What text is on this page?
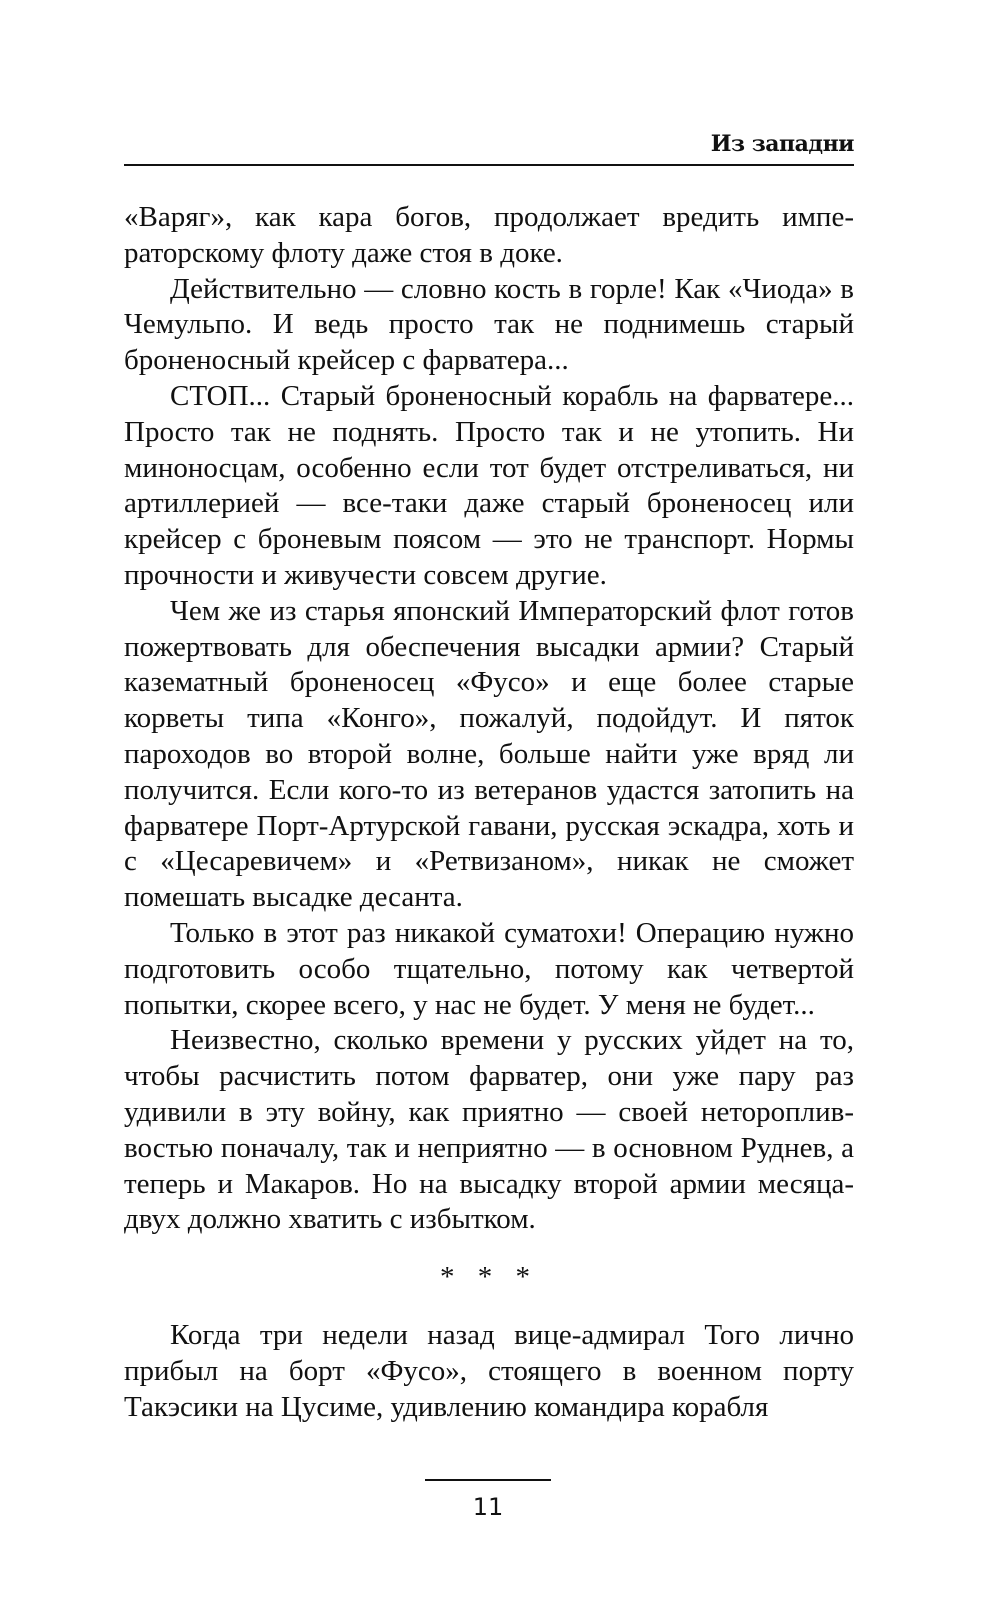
Из западни

«Варяг», как кара богов, продолжает вредить императорскому флоту даже стоя в доке.

Действительно — словно кость в горле! Как «Чиода» в Чемульпо. И ведь просто так не поднимешь старый броненосный крейсер с фарватера...

СТОП... Старый броненосный корабль на фарватере... Просто так не поднять. Просто так и не утопить. Ни миноносцам, особенно если тот будет отстреливаться, ни артиллерией — все-таки даже старый броненосец или крейсер с броневым поясом — это не транспорт. Нормы прочности и живучести совсем другие.

Чем же из старья японский Императорский флот готов пожертвовать для обеспечения высадки армии? Старый казематный броненосец «Фусо» и еще более старые корветы типа «Конго», пожалуй, подойдут. И пяток пароходов во второй волне, больше найти уже вряд ли получится. Если кого-то из ветеранов удастся затопить на фарватере Порт-Артурской гавани, русская эскадра, хоть и с «Цесаревичем» и «Ретвизаном», никак не сможет помешать высадке десанта.

Только в этот раз никакой суматохи! Операцию нужно подготовить особо тщательно, потому как четвертой попытки, скорее всего, у нас не будет. У меня не будет...

Неизвестно, сколько времени у русских уйдет на то, чтобы расчистить потом фарватер, они уже пару раз удивили в эту войну, как приятно — своей неторопливвостью поначалу, так и неприятно — в основном Руднев, а теперь и Макаров. Но на высадку второй армии месяца-двух должно хватить с избытком.

* * *

Когда три недели назад вице-адмирал Того лично прибыл на борт «Фусо», стоящего в военном порту Такэсики на Цусиме, удивлению командира корабля

11
